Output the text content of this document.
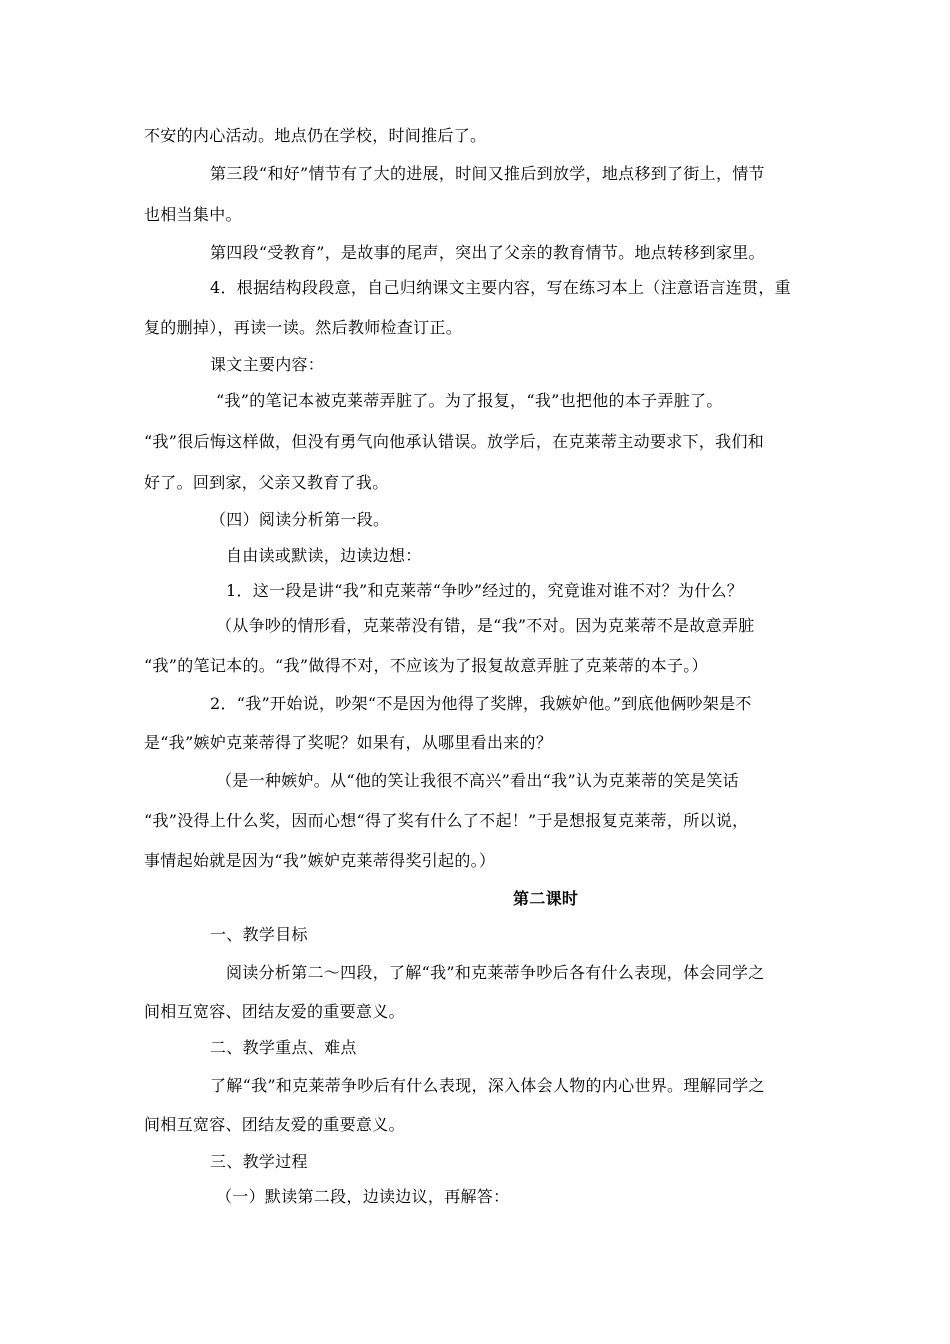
不安的内心活动。地点仍在学校，时间推后了。
第三段“和好”情节有了大的进展，时间又推后到放学，地点移到了街上，情节
也相当集中。
第四段“受教育”，是故事的尾声，突出了父亲的教育情节。地点转移到家里。
4．根据结构段段意，自己归纳课文主要内容，写在练习本上（注意语言连贯，重
复的删掉），再读一读。然后教师检查订正。
课文主要内容：
“我”的笔记本被克莱蒂弄脏了。为了报复，“我”也把他的本子弄脏了。
“我”很后悔这样做，但没有勇气向他承认错误。放学后，在克莱蒂主动要求下，我们和
好了。回到家，父亲又教育了我。
（四）阅读分析第一段。
自由读或默读，边读边想：
1．这一段是讲“我”和克莱蒂“争吵”经过的，究竟谁对谁不对？为什么？
（从争吵的情形看，克莱蒂没有错，是“我”不对。因为克莱蒂不是故意弄脏
“我”的笔记本的。“我”做得不对，不应该为了报复故意弄脏了克莱蒂的本子。）
2．“我”开始说，吵架“不是因为他得了奖牌，我嫉妒他。”到底他俩吵架是不
是“我”嫉妒克莱蒂得了奖呢？如果有，从哪里看出来的？
（是一种嫉妒。从“他的笑让我很不高兴”看出“我”认为克莱蒂的笑是笑话
“我”没得上什么奖，因而心想“得了奖有什么了不起！”于是想报复克莱蒂，所以说，
事情起始就是因为“我”嫉妒克莱蒂得奖引起的。）
第二课时
一、教学目标
阅读分析第二～四段，了解“我”和克莱蒂争吵后各有什么表现，体会同学之
间相互宽容、团结友爱的重要意义。
二、教学重点、难点
了解“我”和克莱蒂争吵后有什么表现，深入体会人物的内心世界。理解同学之
间相互宽容、团结友爱的重要意义。
三、教学过程
（一）默读第二段，边读边议，再解答：
